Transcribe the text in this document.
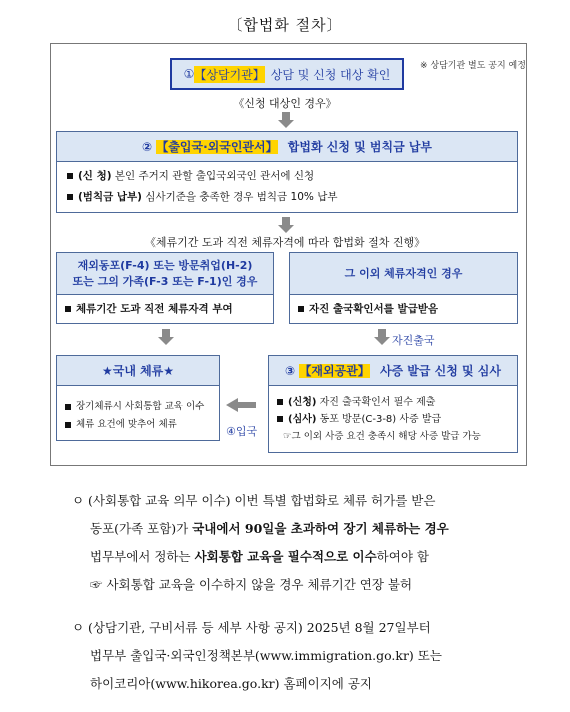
〔합법화 절차〕
※ 상담기관 별도 공지 예정
① 【상담기관】 상담 및 신청 대상 확인
《신청 대상인 경우》
② 【출입국·외국인관서】 합법화 신청 및 범칙금 납부
(신 청) 본인 주거지 관할 출입국외국인 관서에 신청
(범칙금 납부) 심사기준을 충족한 경우 범칙금 10% 납부
《체류기간 도과 직전 체류자격에 따라 합법화 절차 진행》
재외동포(F-4) 또는 방문취업(H-2)
또는 그의 가족(F-3 또는 F-1)인 경우
체류기간 도과 직전 체류자격 부여
그 이외 체류자격인 경우
자진 출국확인서를 발급받음
자진출국
★국내 체류★
장기체류시 사회통합 교육 이수
체류 요건에 맞추어 체류
④입국
③ 【재외공관】 사증 발급 신청 및 심사
(신청) 자진 출국확인서 필수 제출
(심사) 동포 방문(C-3-8) 사증 발급
☞그 이외 사증 요건 충족시 해당 사증 발급 가능
ㅇ (사회통합 교육 의무 이수) 이번 특별 합법화로 체류 허가를 받은
동포(가족 포함)가 국내에서 90일을 초과하여 장기 체류하는 경우
법무부에서 정하는 사회통합 교육을 필수적으로 이수하여야 함
☞ 사회통합 교육을 이수하지 않을 경우 체류기간 연장 불허
ㅇ (상담기관, 구비서류 등 세부 사항 공지) 2025년 8월 27일부터
법무부 출입국·외국인정책본부(www.immigration.go.kr) 또는
하이코리아(www.hikorea.go.kr) 홈페이지에 공지
